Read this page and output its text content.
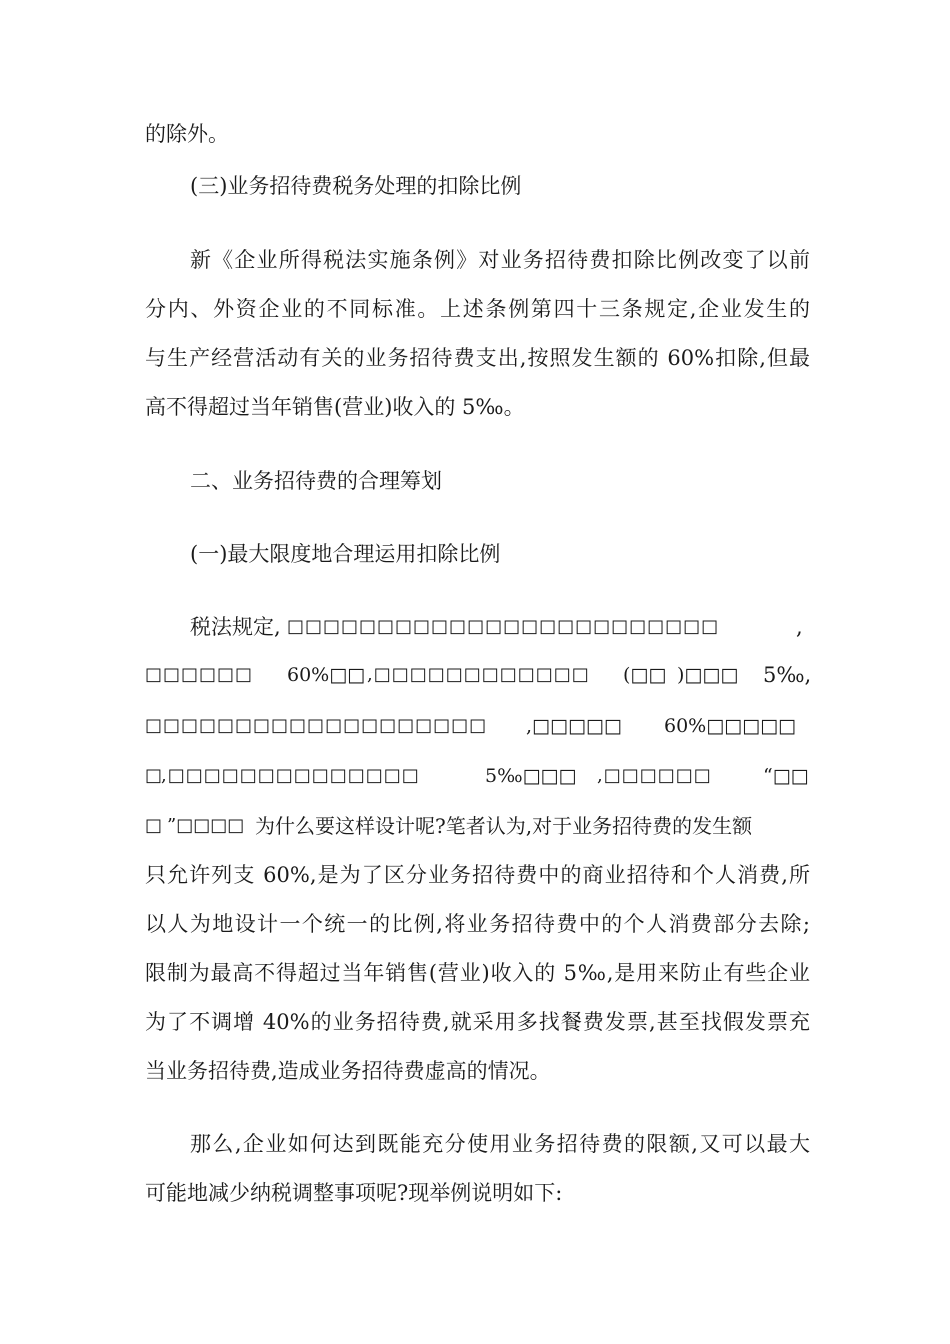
的除外。
(三)业务招待费税务处理的扣除比例
新《企业所得税法实施条例》对业务招待费扣除比例改变了以前
分内、外资企业的不同标准。上述条例第四十三条规定,企业发生的
与生产经营活动有关的业务招待费支出,按照发生额的 60%扣除,但最
高不得超过当年销售(营业)收入的 5‰。
二、业务招待费的合理筹划
(一)最大限度地合理运用扣除比例
税法规定, □□□□□□□□□□□□□□□□□□□□□□□□	,
□□□□□□ 60%□□ ,□□□□□□□□□□□□ (□□ )□□□ 5‰,
□□□□□□□□□□□□□□□□□□□ ,□□□□□ 60%□□□□□
□
,□□□□□□□□□□□□□□	5‰□□□ ,□□□□□□	“□□
□ ”□□□□ 为什么要这样设计呢?笔者认为,对于业务招待费的发生额
只允许列支 60%,是为了区分业务招待费中的商业招待和个人消费,所
以人为地设计一个统一的比例,将业务招待费中的个人消费部分去除;
限制为最高不得超过当年销售(营业)收入的 5‰,是用来防止有些企业
为了不调增 40%的业务招待费,就采用多找餐费发票,甚至找假发票充
当业务招待费,造成业务招待费虚高的情况。
那么,企业如何达到既能充分使用业务招待费的限额,又可以最大
可能地减少纳税调整事项呢?现举例说明如下:
